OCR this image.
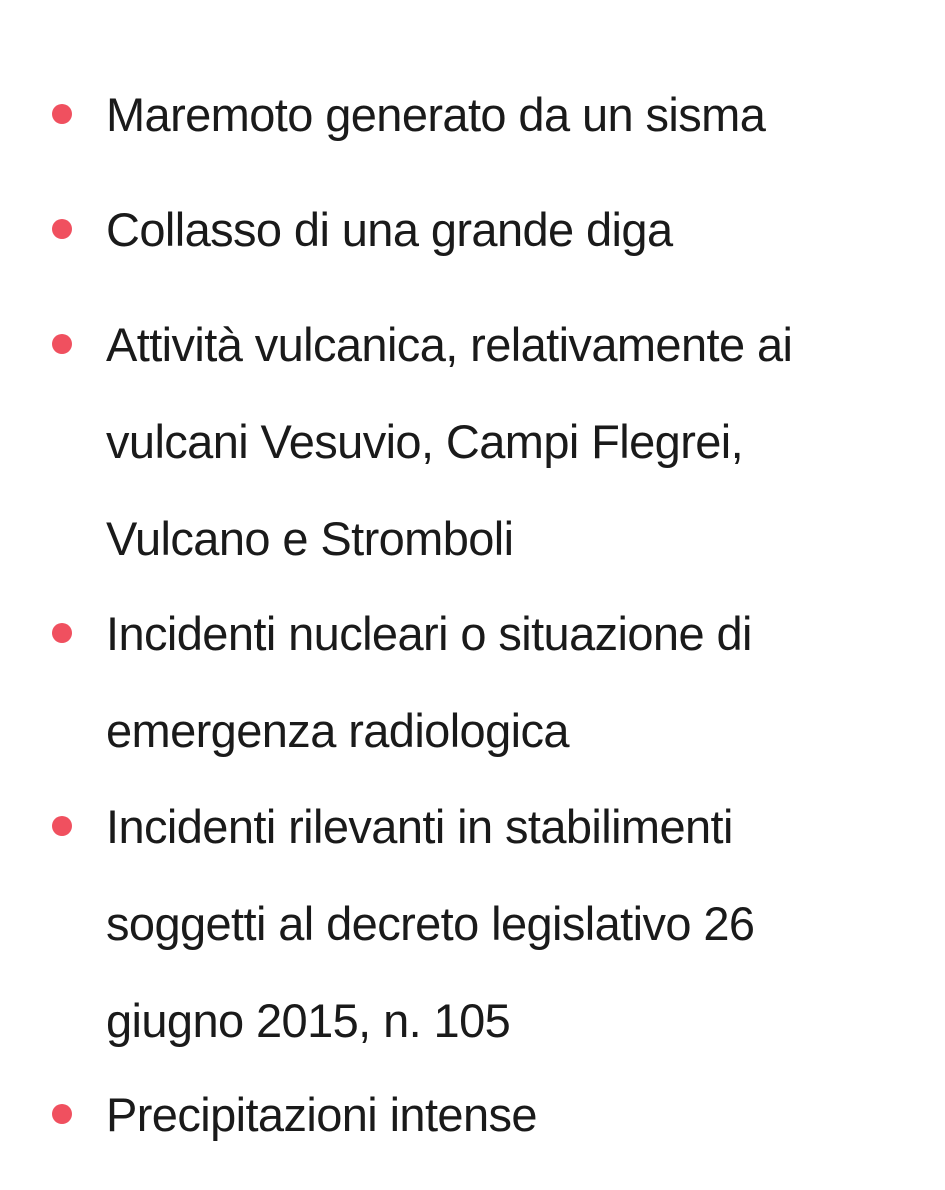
Maremoto generato da un sisma
Collasso di una grande diga
Attività vulcanica, relativamente ai
vulcani Vesuvio, Campi Flegrei,
Vulcano e Stromboli
Incidenti nucleari o situazione di
emergenza radiologica
Incidenti rilevanti in stabilimenti
soggetti al decreto legislativo 26
giugno 2015, n. 105
Precipitazioni intense
